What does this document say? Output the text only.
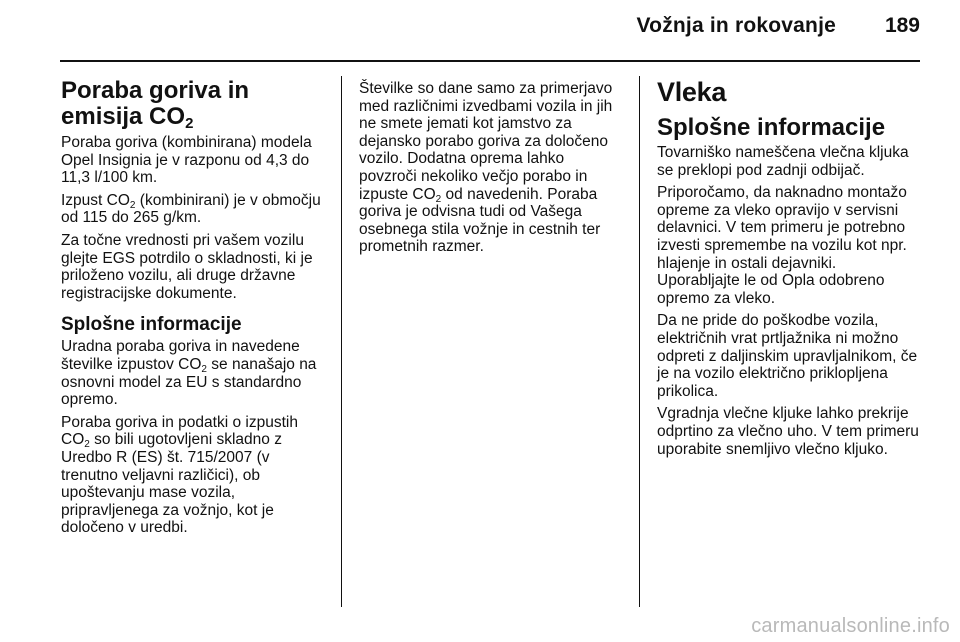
Vožnja in rokovanje	189
Poraba goriva in
emisija $CO_2$

Poraba goriva (kombinirana) modela Opel Insignia je v razponu od 4,3 do 11,3 l/100 km.

Izpust CO2 (kombinirani) je v območju od 115 do 265 g/km.

Za točne vrednosti pri vašem vozilu glejte EGS potrdilo o skladnosti, ki je priloženo vozilu, ali druge državne registracijske dokumente.

Splošne informacije

Uradna poraba goriva in navedene številke izpustov CO2 se nanašajo na osnovni model za EU s standardno opremo.

Poraba goriva in podatki o izpustih CO2 so bili ugotovljeni skladno z Uredbo R (ES) št. 715/2007 (v trenutno veljavni različici), ob upoštevanju mase vozila, pripravljenega za vožnjo, kot je določeno v uredbi.

Številke so dane samo za primerjavo med različnimi izvedbami vozila in jih ne smete jemati kot jamstvo za dejansko porabo goriva za določeno vozilo. Dodatna oprema lahko povzroči nekoliko večjo porabo in izpuste CO2 od navedenih. Poraba goriva je odvisna tudi od Vašega osebnega stila vožnje in cestnih ter prometnih razmer.

Vleka
Splošne informacije

Tovarniško nameščena vlečna kljuka se preklopi pod zadnji odbijač.

Priporočamo, da naknadno montažo opreme za vleko opravijo v servisni delavnici. V tem primeru je potrebno izvesti spremembe na vozilu kot npr. hlajenje in ostali dejavniki. Uporabljajte le od Opla odobreno opremo za vleko.

Da ne pride do poškodbe vozila, električnih vrat prtljažnika ni možno odpreti z daljinskim upravljalnikom, če je na vozilo električno priklopljena prikolica.

Vgradnja vlečne kljuke lahko prekrije odprtino za vlečno uho. V tem primeru uporabite snemljivo vlečno kljuko.

carmanualsonline.info
